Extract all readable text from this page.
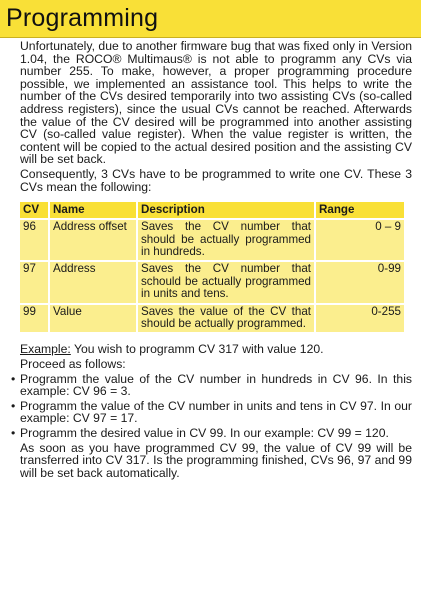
Programming

Unfortunately, due to another firmware bug that was fixed only in Version 1.04, the ROCO® Multimaus® is not able to programm any CVs via number 255. To make, however, a proper programming procedure possible, we implemented an assistance tool. This helps to write the number of the CVs desired temporarily into two assisting CVs (so-called address registers), since the usual CVs cannot be reached. Afterwards the value of the CV desired will be programmed into another assisting CV (so-called value register). When the value register is written, the content will be copied to the actual desired position and the assisting CV will be set back.

Consequently, 3 CVs have to be programmed to write one CV. These 3 CVs mean the following:

CV	Name	Description	Range
96	Address offset	Saves the CV number that should be actually programmed in hundreds.	0 – 9
97	Address	Saves the CV number that schould be actually programmed in units and tens.	0-99
99	Value	Saves the value of the CV that should be actually programmed.	0-255

Example: You wish to programm CV 317 with value 120.

Proceed as follows:

• Programm the value of the CV number in hundreds in CV 96. In this example: CV 96 = 3.
• Programm the value of the CV number in units and tens in CV 97. In our example: CV 97 = 17.
• Programm the desired value in CV 99. In our example: CV 99 = 120.

As soon as you have programmed CV 99, the value of CV 99 will be transferred into CV 317. Is the programming finished, CVs 96, 97 and 99 will be set back automatically.
